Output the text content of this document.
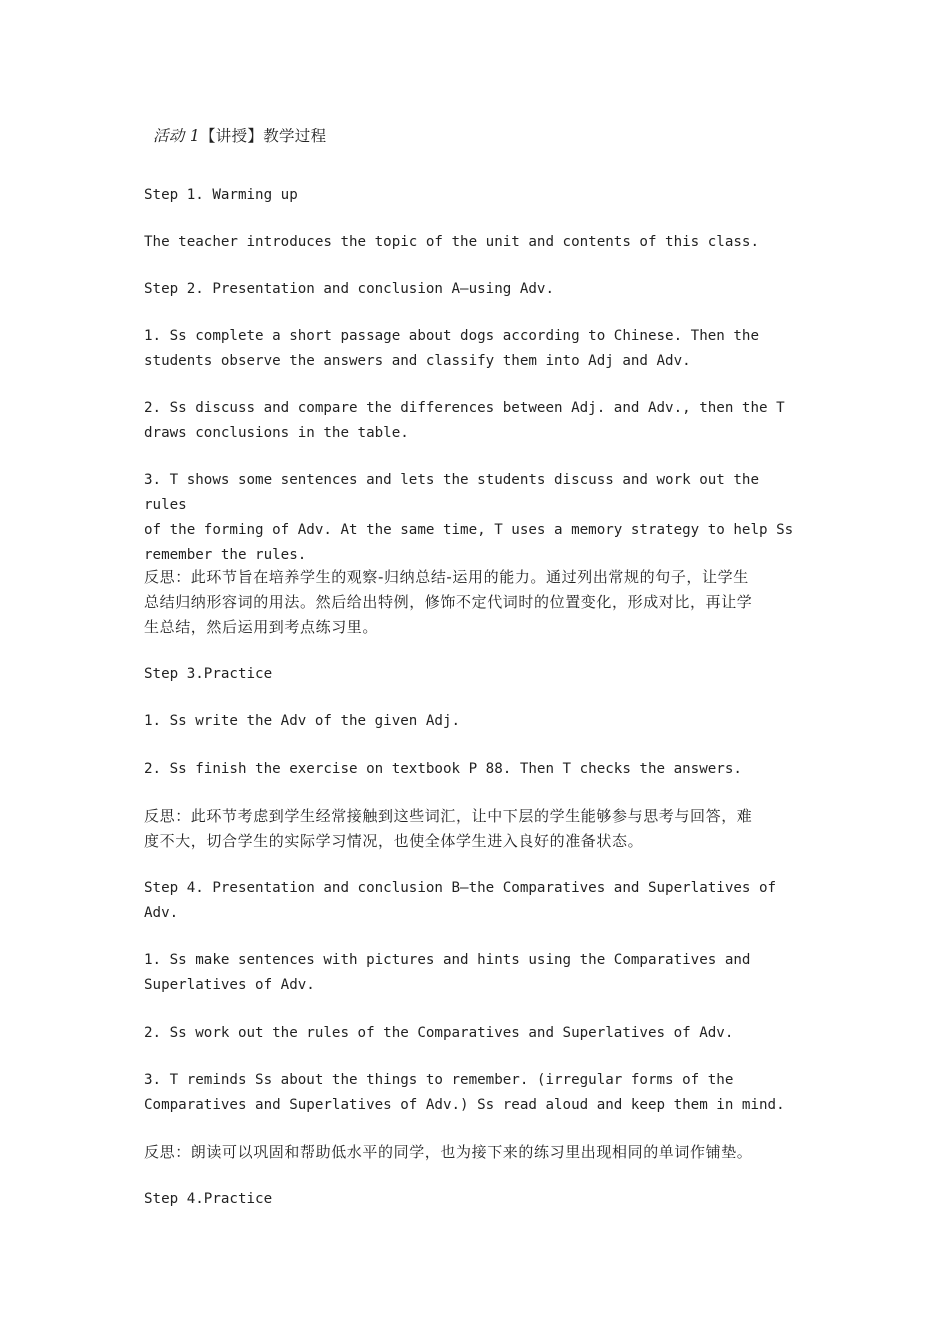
活动 1【讲授】教学过程

Step 1. Warming up

The teacher introduces the topic of the unit and contents of this class.

Step 2. Presentation and conclusion A—using Adv.

1. Ss complete a short passage about dogs according to Chinese. Then the
students observe the answers and classify them into Adj and Adv.

2. Ss discuss and compare the differences between Adj. and Adv., then the T
draws conclusions in the table.

3. T shows some sentences and lets the students discuss and work out the rules
of the forming of Adv. At the same time, T uses a memory strategy to help Ss
remember the rules.

反思：此环节旨在培养学生的观察-归纳总结-运用的能力。通过列出常规的句子，让学生
总结归纳形容词的用法。然后给出特例，修饰不定代词时的位置变化，形成对比，再让学
生总结，然后运用到考点练习里。

Step 3.Practice

1. Ss write the Adv of the given Adj.

2. Ss finish the exercise on textbook P 88. Then T checks the answers.

反思：此环节考虑到学生经常接触到这些词汇，让中下层的学生能够参与思考与回答，难
度不大，切合学生的实际学习情况，也使全体学生进入良好的准备状态。

Step 4. Presentation and conclusion B—the Comparatives and Superlatives of
Adv.

1. Ss make sentences with pictures and hints using the Comparatives and
Superlatives of Adv.

2. Ss work out the rules of the Comparatives and Superlatives of Adv.

3. T reminds Ss about the things to remember. (irregular forms of the
Comparatives and Superlatives of Adv.) Ss read aloud and keep them in mind.

反思：朗读可以巩固和帮助低水平的同学，也为接下来的练习里出现相同的单词作铺垫。

Step 4.Practice
